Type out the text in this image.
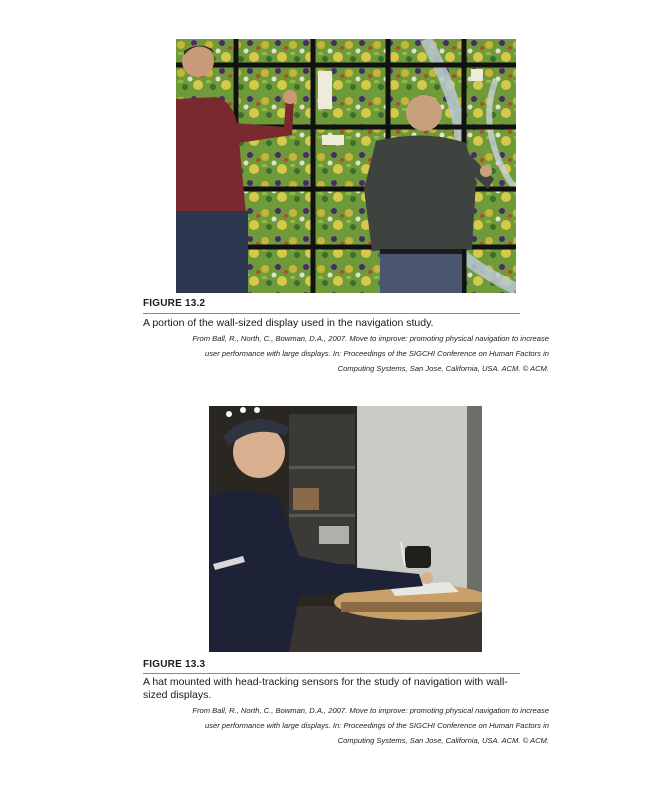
FIGURE 13.2
A portion of the wall-sized display used in the navigation study.
From Ball, R., North, C., Bowman, D.A., 2007. Move to improve: promoting physical navigation to increase
user performance with large displays. In: Proceedings of the SIGCHI Conference on Human Factors in
Computing Systems, San Jose, California, USA. ACM. © ACM.
FIGURE 13.3
A hat mounted with head-tracking sensors for the study of navigation with wall-sized displays.
From Ball, R., North, C., Bowman, D.A., 2007. Move to improve: promoting physical navigation to increase
user performance with large displays. In: Proceedings of the SIGCHI Conference on Human Factors in
Computing Systems, San Jose, California, USA. ACM. © ACM.
